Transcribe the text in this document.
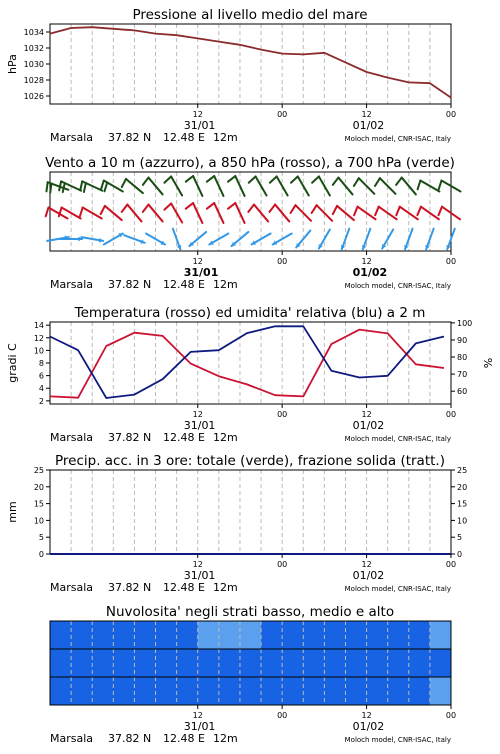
Pressione al livello medio del mare
1026
1028
1030
1032
1034
hPa
12	00	12	00
31/01	01/02
Marsala 37.82 N 12.48 E 12m	Moloch model, CNR-ISAC, Italy
Vento a 10 m (azzurro), a 850 hPa (rosso), a 700 hPa (verde)
12	00	12	00
31/01	01/02
Marsala 37.82 N 12.48 E 12m	Moloch model, CNR-ISAC, Italy
Temperatura (rosso) ed umidita' relativa (blu) a 2 m
2
4
6
8
10
12
14
60
70
80
90
100
gradi C	%
12	00	12	00
31/01	01/02
Marsala 37.82 N 12.48 E 12m	Moloch model, CNR-ISAC, Italy
Precip. acc. in 3 ore: totale (verde), frazione solida (tratt.)
0
5
10
15
20
25
0
5
10
15
20
25
mm
12	00	12	00
31/01	01/02
Marsala 37.82 N 12.48 E 12m	Moloch model, CNR-ISAC, Italy
Nuvolosita' negli strati basso, medio e alto
12	00	12	00
31/01	01/02
Marsala 37.82 N 12.48 E 12m	Moloch model, CNR-ISAC, Italy
